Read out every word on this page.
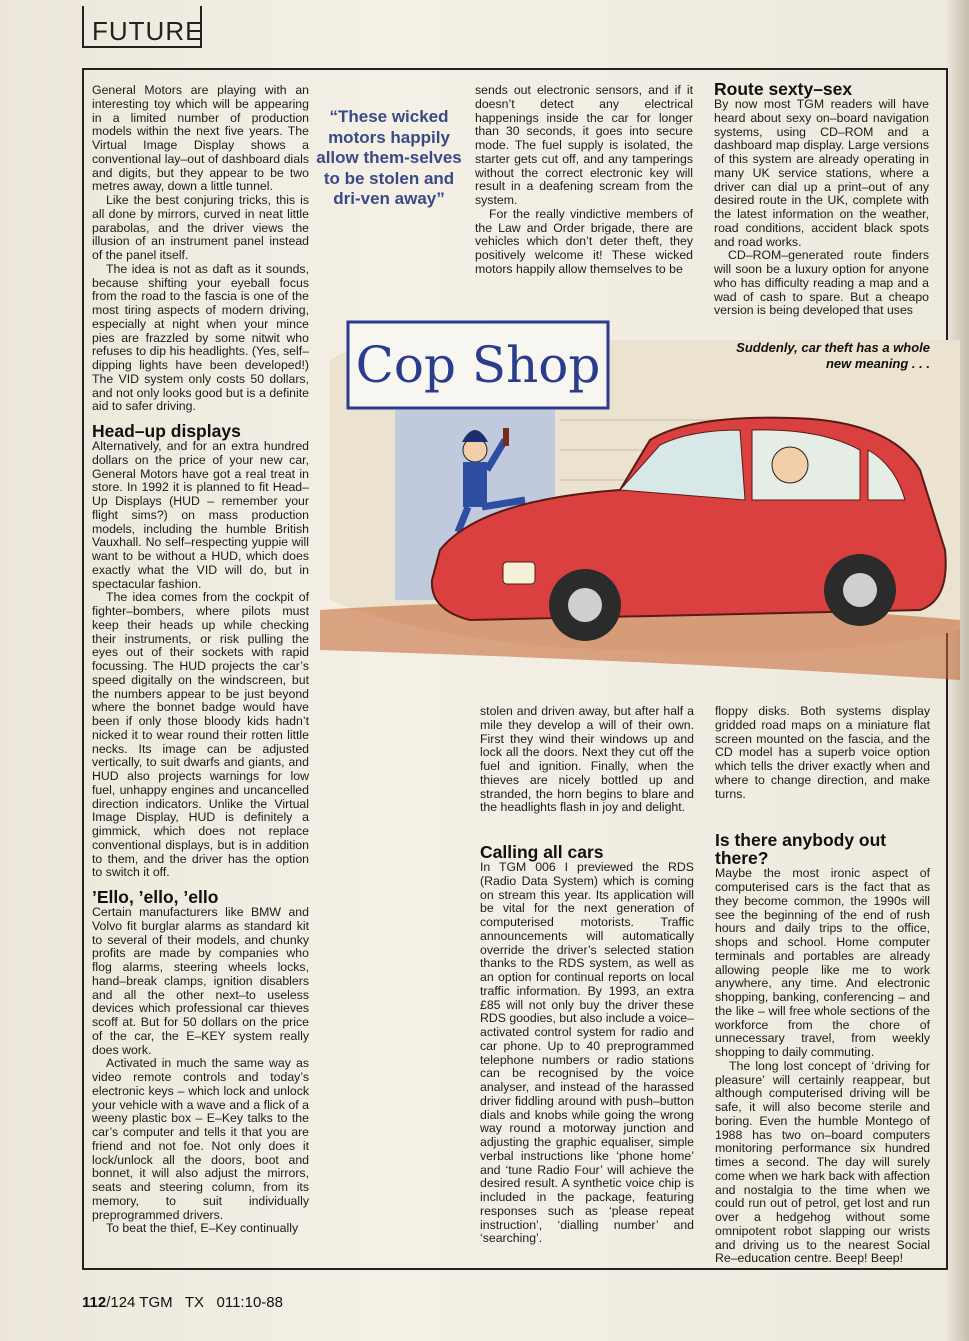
FUTURE

General Motors are playing with an interesting toy which will be appearing in a limited number of production models within the next five years. The Virtual Image Display shows a conventional lay–out of dashboard dials and digits, but they appear to be two metres away, down a little tunnel.

Like the best conjuring tricks, this is all done by mirrors, curved in neat little parabolas, and the driver views the illusion of an instrument panel instead of the panel itself.

The idea is not as daft as it sounds, because shifting your eyeball focus from the road to the fascia is one of the most tiring aspects of modern driving, especially at night when your mince pies are frazzled by some nitwit who refuses to dip his headlights. (Yes, self–dipping lights have been developed!) The VID system only costs 50 dollars, and not only looks good but is a definite aid to safer driving.

Head–up displays

Alternatively, and for an extra hundred dollars on the price of your new car, General Motors have got a real treat in store. In 1992 it is planned to fit Head–Up Displays (HUD – remember your flight sims?) on mass production models, including the humble British Vauxhall. No self–respecting yuppie will want to be without a HUD, which does exactly what the VID will do, but in spectacular fashion.

The idea comes from the cockpit of fighter–bombers, where pilots must keep their heads up while checking their instruments, or risk pulling the eyes out of their sockets with rapid focussing. The HUD projects the car’s speed digitally on the windscreen, but the numbers appear to be just beyond where the bonnet badge would have been if only those bloody kids hadn’t nicked it to wear round their rotten little necks. Its image can be adjusted vertically, to suit dwarfs and giants, and HUD also projects warnings for low fuel, unhappy engines and uncancelled direction indicators. Unlike the Virtual Image Display, HUD is definitely a gimmick, which does not replace conventional displays, but is in addition to them, and the driver has the option to switch it off.

’Ello, ’ello, ’ello

Certain manufacturers like BMW and Volvo fit burglar alarms as standard kit to several of their models, and chunky profits are made by companies who flog alarms, steering wheels locks, hand–break clamps, ignition disablers and all the other next–to useless devices which professional car thieves scoff at. But for 50 dollars on the price of the car, the E–KEY system really does work.

Activated in much the same way as video remote controls and today’s electronic keys – which lock and unlock your vehicle with a wave and a flick of a weeny plastic box – E–Key talks to the car’s computer and tells it that you are friend and not foe. Not only does it lock/unlock all the doors, boot and bonnet, it will also adjust the mirrors, seats and steering column, from its memory, to suit individually preprogrammed drivers.

To beat the thief, E–Key continually

“These wicked motors happily allow them-selves to be stolen and dri-ven away”

sends out electronic sensors, and if it doesn’t detect any electrical happenings inside the car for longer than 30 seconds, it goes into secure mode. The fuel supply is isolated, the starter gets cut off, and any tamperings without the correct electronic key will result in a deafening scream from the system.

For the really vindictive members of the Law and Order brigade, there are vehicles which don’t deter theft, they positively welcome it! These wicked motors happily allow themselves to be

Route sexty–sex

By now most TGM readers will have heard about sexy on–board navigation systems, using CD–ROM and a dashboard map display. Large versions of this system are already operating in many UK service stations, where a driver can dial up a print–out of any desired route in the UK, complete with the latest information on the weather, road conditions, accident black spots and road works.

CD–ROM–generated route finders will soon be a luxury option for anyone who has difficulty reading a map and a wad of cash to spare. But a cheapo version is being developed that uses

Cop Shop	Suddenly, car theft has a whole new meaning . . .

stolen and driven away, but after half a mile they develop a will of their own. First they wind their windows up and lock all the doors. Next they cut off the fuel and ignition. Finally, when the thieves are nicely bottled up and stranded, the horn begins to blare and the headlights flash in joy and delight.

Calling all cars

In TGM 006 I previewed the RDS (Radio Data System) which is coming on stream this year. Its application will be vital for the next generation of computerised motorists. Traffic announcements will automatically override the driver’s selected station thanks to the RDS system, as well as an option for continual reports on local traffic information. By 1993, an extra £85 will not only buy the driver these RDS goodies, but also include a voice–activated control system for radio and car phone. Up to 40 preprogrammed telephone numbers or radio stations can be recognised by the voice analyser, and instead of the harassed driver fiddling around with push–button dials and knobs while going the wrong way round a motorway junction and adjusting the graphic equaliser, simple verbal instructions like ‘phone home’ and ‘tune Radio Four’ will achieve the desired result. A synthetic voice chip is included in the package, featuring responses such as ‘please repeat instruction’, ‘dialling number’ and ‘searching’.

floppy disks. Both systems display gridded road maps on a miniature flat screen mounted on the fascia, and the CD model has a superb voice option which tells the driver exactly when and where to change direction, and make turns.

Is there anybody out there?

Maybe the most ironic aspect of computerised cars is the fact that as they become common, the 1990s will see the beginning of the end of rush hours and daily trips to the office, shops and school. Home computer terminals and portables are already allowing people like me to work anywhere, any time. And electronic shopping, banking, conferencing – and the like – will free whole sections of the workforce from the chore of unnecessary travel, from weekly shopping to daily commuting.

The long lost concept of ‘driving for pleasure’ will certainly reappear, but although computerised driving will be safe, it will also become sterile and boring. Even the humble Montego of 1988 has two on–board computers monitoring performance six hundred times a second. The day will surely come when we hark back with affection and nostalgia to the time when we could run out of petrol, get lost and run over a hedgehog without some omnipotent robot slapping our wrists and driving us to the nearest Social Re–education centre. Beep! Beep!

112/124 TGM   TX   011:10-88
